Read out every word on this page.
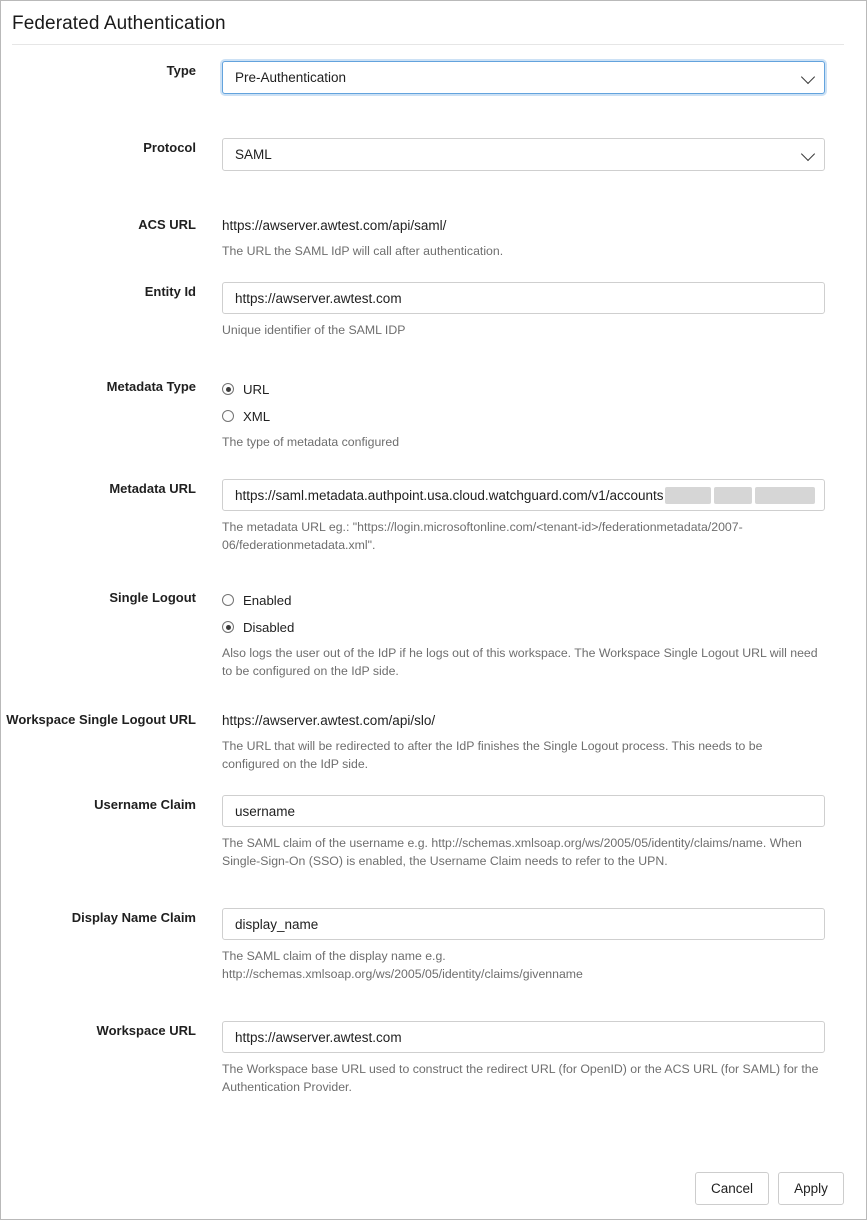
Federated Authentication
Type	Pre-Authentication
Protocol	SAML
ACS URL https://awserver.awtest.com/api/saml/
The URL the SAML IdP will call after authentication.
Entity Id	https://awserver.awtest.com
Unique identifier of the SAML IDP
Metadata Type	URL
XML
The type of metadata configured
Metadata URL	https://saml.metadata.authpoint.usa.cloud.watchguard.com/v1/accounts
The metadata URL eg.: "https://login.microsoftonline.com/<tenant-id>/federationmetadata/2007-06/federationmetadata.xml".
Single Logout	Enabled
Disabled
Also logs the user out of the IdP if he logs out of this workspace. The Workspace Single Logout URL will need to be configured on the IdP side.
Workspace Single Logout URL https://awserver.awtest.com/api/slo/
The URL that will be redirected to after the IdP finishes the Single Logout process. This needs to be configured on the IdP side.
Username Claim	username
The SAML claim of the username e.g. http://schemas.xmlsoap.org/ws/2005/05/identity/claims/name. When Single-Sign-On (SSO) is enabled, the Username Claim needs to refer to the UPN.
Display Name Claim	display_name
The SAML claim of the display name e.g.
http://schemas.xmlsoap.org/ws/2005/05/identity/claims/givenname
Workspace URL	https://awserver.awtest.com
The Workspace base URL used to construct the redirect URL (for OpenID) or the ACS URL (for SAML) for the Authentication Provider.
Cancel	Apply
